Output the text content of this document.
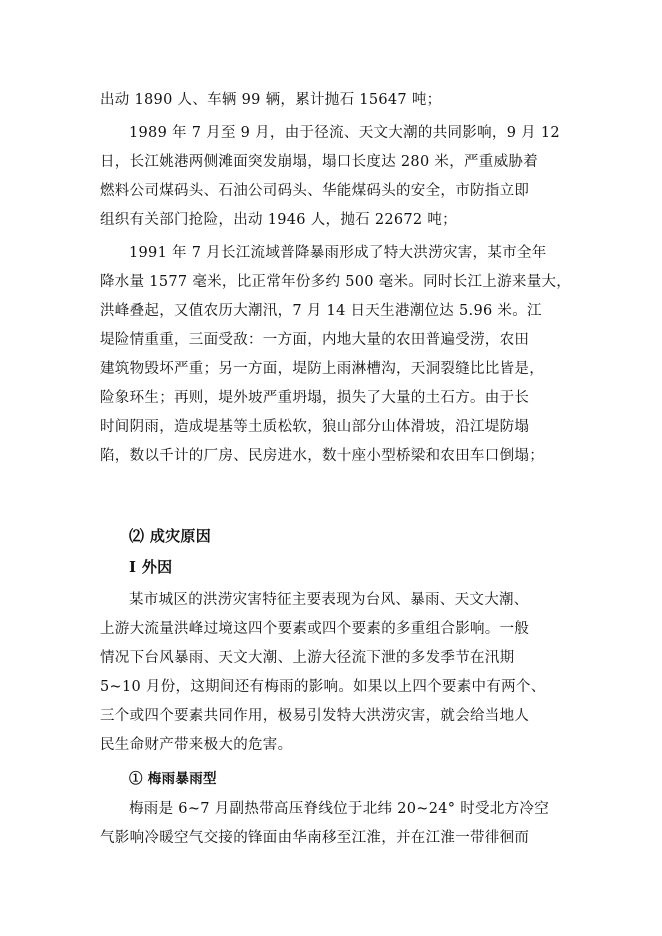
出动 1890 人、车辆 99 辆，累计抛石 15647 吨；
1989 年 7 月至 9 月，由于径流、天文大潮的共同影响，9 月 12
日，长江姚港两侧滩面突发崩塌，塌口长度达 280 米，严重威胁着
燃料公司煤码头、石油公司码头、华能煤码头的安全，市防指立即
组织有关部门抢险，出动 1946 人，抛石 22672 吨；
1991 年 7 月长江流域普降暴雨形成了特大洪涝灾害，某市全年
降水量 1577 毫米，比正常年份多约 500 毫米。同时长江上游来量大，
洪峰叠起，又值农历大潮汛，7 月 14 日天生港潮位达 5.96 米。江
堤险情重重，三面受敌：一方面，内地大量的农田普遍受涝，农田
建筑物毁坏严重；另一方面，堤防上雨淋槽沟，天洞裂缝比比皆是，
险象环生；再则，堤外坡严重坍塌，损失了大量的土石方。由于长
时间阴雨，造成堤基等土质松软，狼山部分山体滑坡，沿江堤防塌
陷，数以千计的厂房、民房进水，数十座小型桥梁和农田车口倒塌；
⑵ 成灾原因
Ⅰ 外因
某市城区的洪涝灾害特征主要表现为台风、暴雨、天文大潮、
上游大流量洪峰过境这四个要素或四个要素的多重组合影响。一般
情况下台风暴雨、天文大潮、上游大径流下泄的多发季节在汛期
5~10 月份，这期间还有梅雨的影响。如果以上四个要素中有两个、
三个或四个要素共同作用，极易引发特大洪涝灾害，就会给当地人
民生命财产带来极大的危害。
① 梅雨暴雨型
梅雨是 6~7 月副热带高压脊线位于北纬 20~24° 时受北方冷空
气影响冷暖空气交接的锋面由华南移至江淮，并在江淮一带徘徊而
